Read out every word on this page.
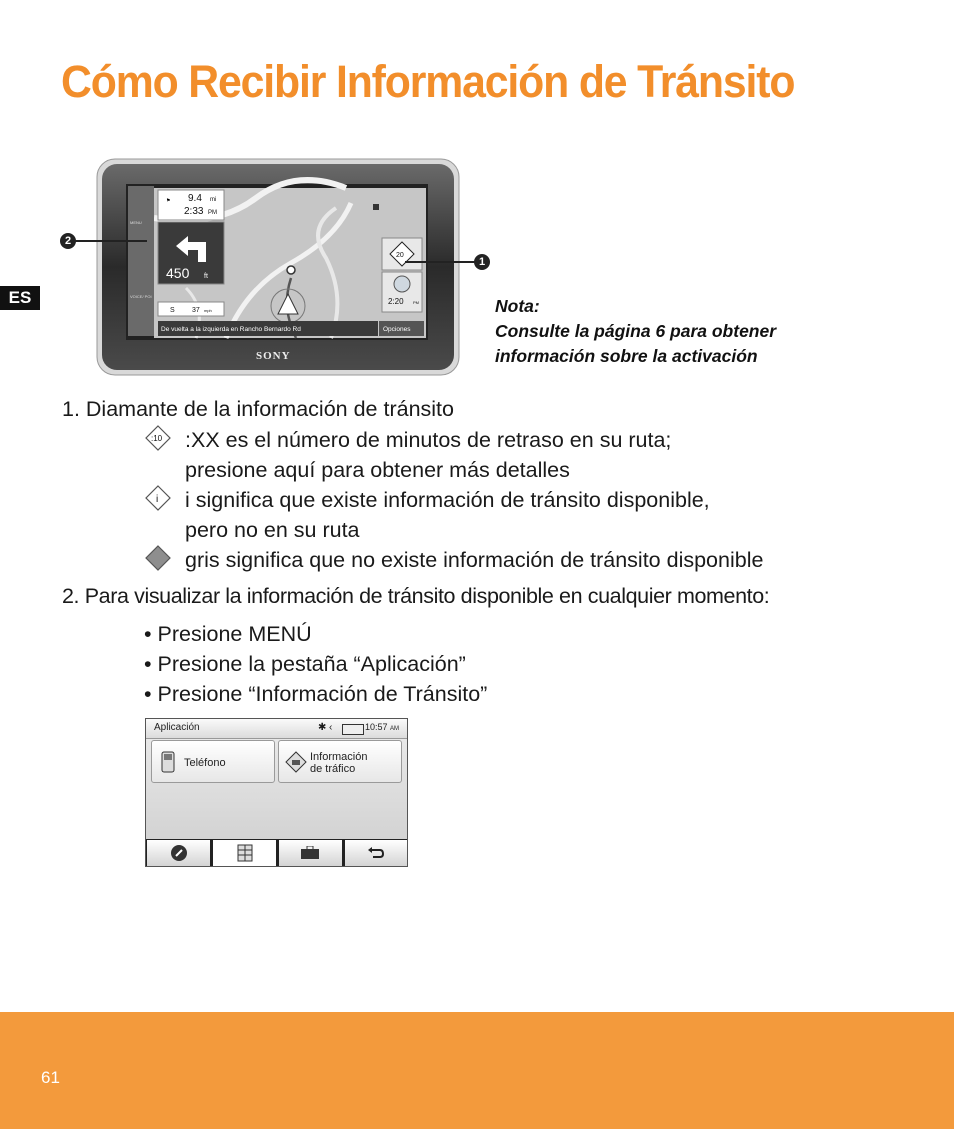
Cómo Recibir Información de Tránsito
ES
MENU
VOICE/ POI
⚑ 9.4 mi
2:33 PM
450 ft
S 37 mph
De vuelta a la izquierda en Rancho Bernardo Rd	Opciones
20
2:20 PM
SONY
2
1
Nota:
Consulte la página 6 para obtener
información sobre la activación
1. Diamante de la información de tránsito
:10 :XX es el número de minutos de retraso en su ruta;
presione aquí para obtener más detalles
i i significa que existe información de tránsito disponible,
pero no en su ruta
gris significa que no existe información de tránsito disponible
2. Para visualizar la información de tránsito disponible en cualquier momento:
• Presione MENÚ
• Presione la pestaña “Aplicación”
• Presione “Información de Tránsito”
Aplicación	✱ ‹	10:57 AM
Teléfono	Información
de tráfico
61
